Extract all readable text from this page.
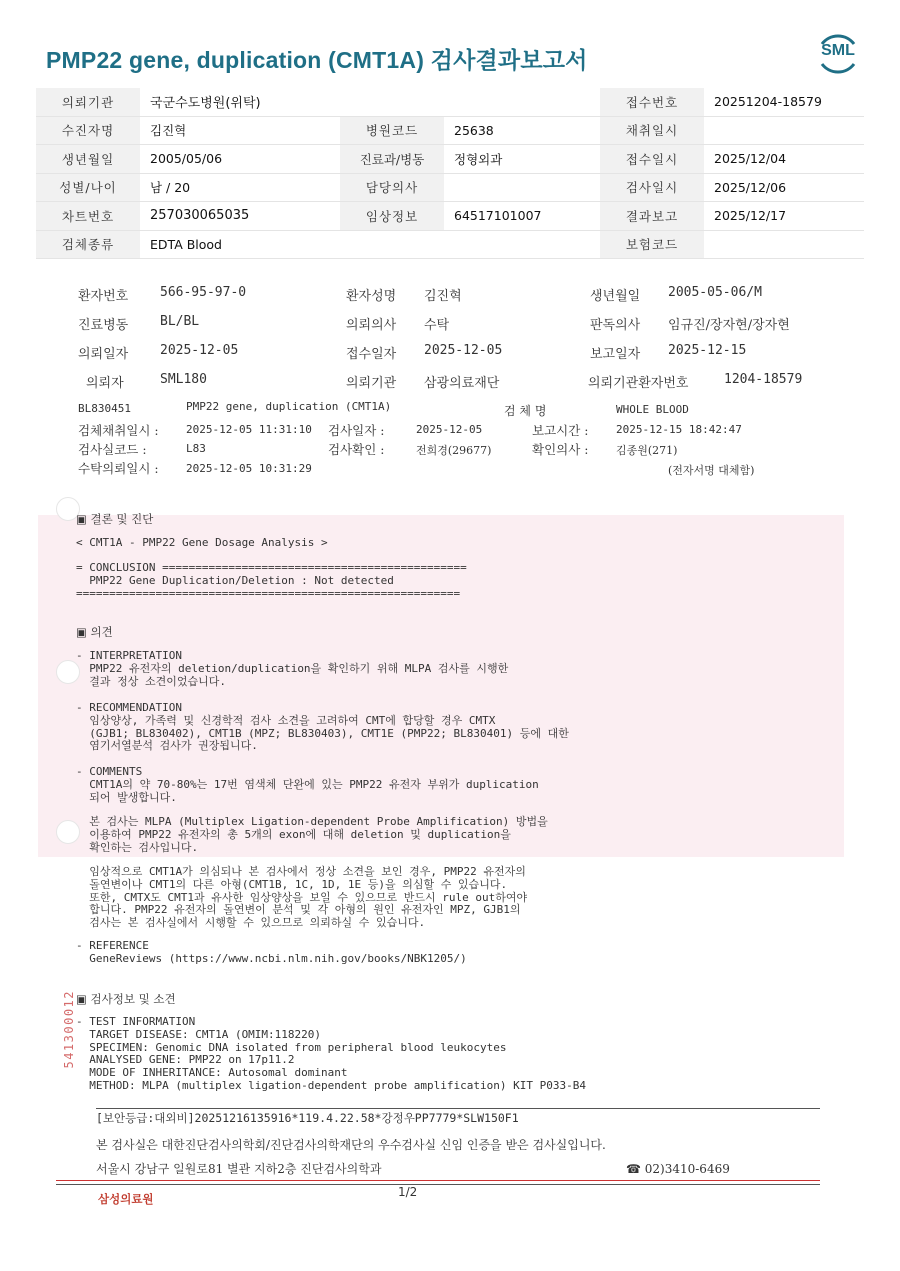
PMP22 gene, duplication (CMT1A) 검사결과보고서	SML
의뢰기관	국군수도병원(위탁)			접수번호	20251204-18579
수진자명	김진혁	병원코드	25638	채취일시	
생년월일	2005/05/06	진료과/병동	정형외과	접수일시	2025/12/04
성별/나이	남 / 20	담당의사		검사일시	2025/12/06
차트번호	257030065035	임상정보	64517101007	결과보고	2025/12/17
검체종류	EDTA Blood			보험코드	
환자번호 566-95-97-0	환자성명 김진혁	생년월일 2005-05-06/M
진료병동 BL/BL	의뢰의사 수탁	판독의사 임규진/장자현/장자현
의뢰일자 2025-12-05	접수일자 2025-12-05	보고일자 2025-12-15
의뢰자	SML180	의뢰기관 삼광의료재단	의뢰기관환자번호	1204-18579
BL830451	PMP22 gene, duplication (CMT1A)	검 체 명	WHOLE BLOOD
검체채취일시 : 2025-12-05 11:31:10 검사일자 :	2025-12-05	보고시간 :	2025-12-15 18:42:47
검사실코드 :	L83	검사확인 :	전희경(29677)	확인의사 :	김종원(271)
수탁의뢰일시 : 2025-12-05 10:31:29	(전자서명 대체함)
▣ 결론 및 진단
< CMT1A - PMP22 Gene Dosage Analysis >
= CONCLUSION ==============================================
PMP22 Gene Duplication/Deletion : Not detected
==========================================================
▣ 의견
- INTERPRETATION
PMP22 유전자의 deletion/duplication을 확인하기 위해 MLPA 검사를 시행한
결과 정상 소견이었습니다.
- RECOMMENDATION
임상양상, 가족력 및 신경학적 검사 소견을 고려하여 CMT에 합당할 경우 CMTX
(GJB1; BL830402), CMT1B (MPZ; BL830403), CMT1E (PMP22; BL830401) 등에 대한
염기서열분석 검사가 권장됩니다.
- COMMENTS
CMT1A의 약 70-80%는 17번 염색체 단완에 있는 PMP22 유전자 부위가 duplication
되어 발생합니다.
본 검사는 MLPA (Multiplex Ligation-dependent Probe Amplification) 방법을
이용하여 PMP22 유전자의 총 5개의 exon에 대해 deletion 및 duplication을
확인하는 검사입니다.
임상적으로 CMT1A가 의심되나 본 검사에서 정상 소견을 보인 경우, PMP22 유전자의
돌연변이나 CMT1의 다른 아형(CMT1B, 1C, 1D, 1E 등)을 의심할 수 있습니다.
또한, CMTX도 CMT1과 유사한 임상양상을 보일 수 있으므로 반드시 rule out하여야
합니다. PMP22 유전자의 돌연변이 분석 및 각 아형의 원인 유전자인 MPZ, GJB1의
검사는 본 검사실에서 시행할 수 있으므로 의뢰하실 수 있습니다.
- REFERENCE
GeneReviews (https://www.ncbi.nlm.nih.gov/books/NBK1205/)
541300012 ▣ 검사정보 및 소견
- TEST INFORMATION
TARGET DISEASE: CMT1A (OMIM:118220)
SPECIMEN: Genomic DNA isolated from peripheral blood leukocytes
ANALYSED GENE: PMP22 on 17p11.2
MODE OF INHERITANCE: Autosomal dominant
METHOD: MLPA (multiplex ligation-dependent probe amplification) KIT P033-B4
[보안등급:대외비]20251216135916*119.4.22.58*강정우PP7779*SLW150F1
본 검사실은 대한진단검사의학회/진단검사의학재단의 우수검사실 신임 인증을 받은 검사실입니다.
서울시 강남구 일원로81 별관 지하2층 진단검사의학과	☎ 02)3410-6469
삼성의료원	1/2
